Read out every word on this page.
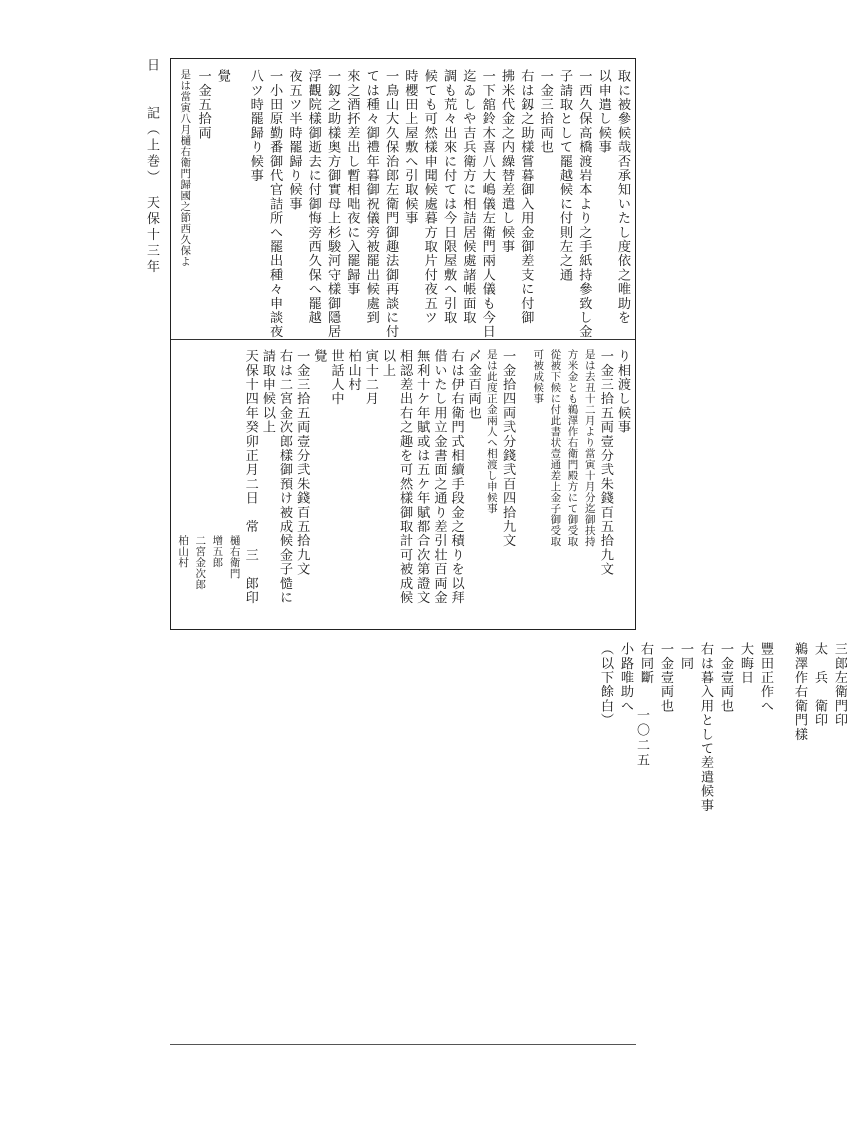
日　　記（上巻）　天保十三年
一〇二五
取に被參候哉否承知いたし度依之唯助を
以申遣し候事
一西久保高橋渡岩本より之手紙持參致し金
子請取として罷越候に付則左之通
一金三拾両也
右は釼之助樣嘗暮御入用金御差支に付御
拂米代金之内繰替差遣し候事
一下舘鈴木喜八大嶋儀左衛門兩人儀も今日
迄ゐしや吉兵衛方に相詰居候處諸帳面取
調も荒々出來に付ては今日限屋敷へ引取
候ても可然樣申聞候處暮方取片付夜五ツ
時櫻田上屋敷へ引取候事
一鳥山大久保治郎左衛門御趣法御再談に付
ては種々御禮年暮御祝儀旁被罷出候處到
來之酒抔差出し暫相咄夜に入罷歸事
一釼之助樣奥方御實母上杉駿河守樣御隱居
浮觀院樣御逝去に付御悔旁西久保へ罷越
夜五ツ半時罷歸り候事
一小田原勤番御代官詰所へ罷出種々申談夜
八ツ時罷歸り候事
覺
一金五拾両
是は當寅八月樋右衛門歸國之節西久保よ
り相渡し候事
一金三拾五両壹分弐朱錢百五拾九文
是は去丑十二月より當寅十月分迄御扶持
方米金とも鵜澤作右衛門殿方にて御受取
從被下候に付此書状壹通差上金子御受取
可被成候事
一金拾四両弐分錢弐百四拾九文
是は此度正金兩人へ相渡し申候事
〆金百両也
右は伊右衛門式相續手段金之積りを以拜
借いたし用立金書面之通り差引壮百両金
無利十ケ年賦或は五ケ年賦都合次第證文
相認差出右之趣を可然樣御取計可被成候
以上
寅十二月
柏山村
世話人中
覺
一金三拾五両壹分弐朱錢百五拾九文
右は二宮金次郎樣御預け被成候金子慥に
請取申候以上
天保十四年癸卯正月二日　常　三　郎印
樋右衛門
增五郎
二宮金次郎
柏山村
三郎左衛門印
太　兵　衛印
鵜澤作右衛門樣
豐田正作へ
大晦日
一金壹両也
右は暮入用として差遣候事
一同
一金壹両也
右同斷
小路唯助へ
（以下餘白）
